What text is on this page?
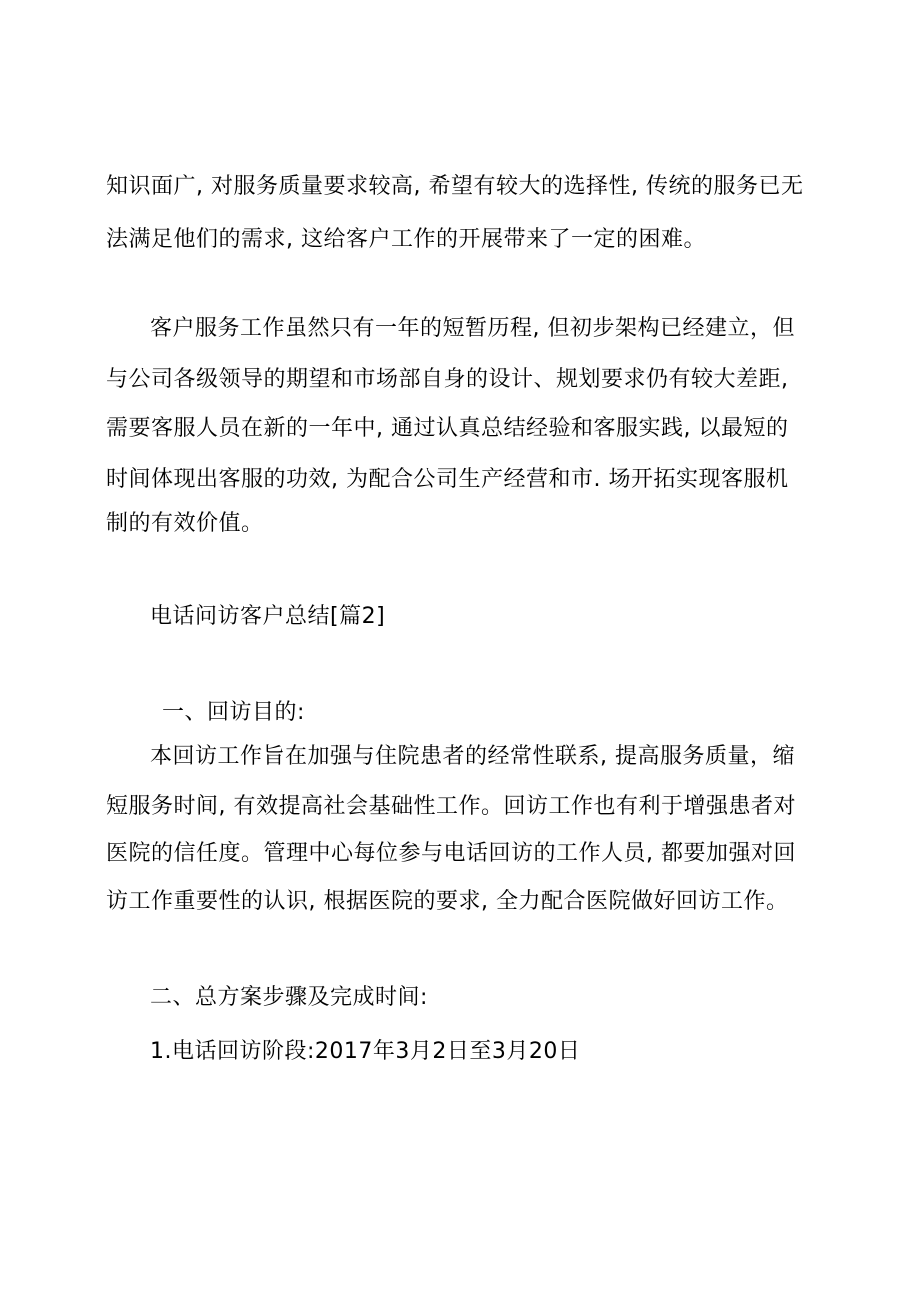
知识面广, 对服务质量要求较高, 希望有较大的选择性, 传统的服务已无
法满足他们的需求, 这给客户工作的开展带来了一定的困难。
客户服务工作虽然只有一年的短暂历程, 但初步架构已经建立，但
与公司各级领导的期望和市场部自身的设计、规划要求仍有较大差距,
需要客服人员在新的一年中, 通过认真总结经验和客服实践, 以最短的
时间体现出客服的功效, 为配合公司生产经营和市. 场开拓实现客服机
制的有效价值。
电话问访客户总结[篇2]
一、回访目的:
本回访工作旨在加强与住院患者的经常性联系, 提高服务质量，缩
短服务时间, 有效提高社会基础性工作。回访工作也有利于增强患者对
医院的信任度。管理中心每位参与电话回访的工作人员, 都要加强对回
访工作重要性的认识, 根据医院的要求, 全力配合医院做好回访工作。
二、总方案步骤及完成时间:
1.电话回访阶段:2017年3月2日至3月20日
